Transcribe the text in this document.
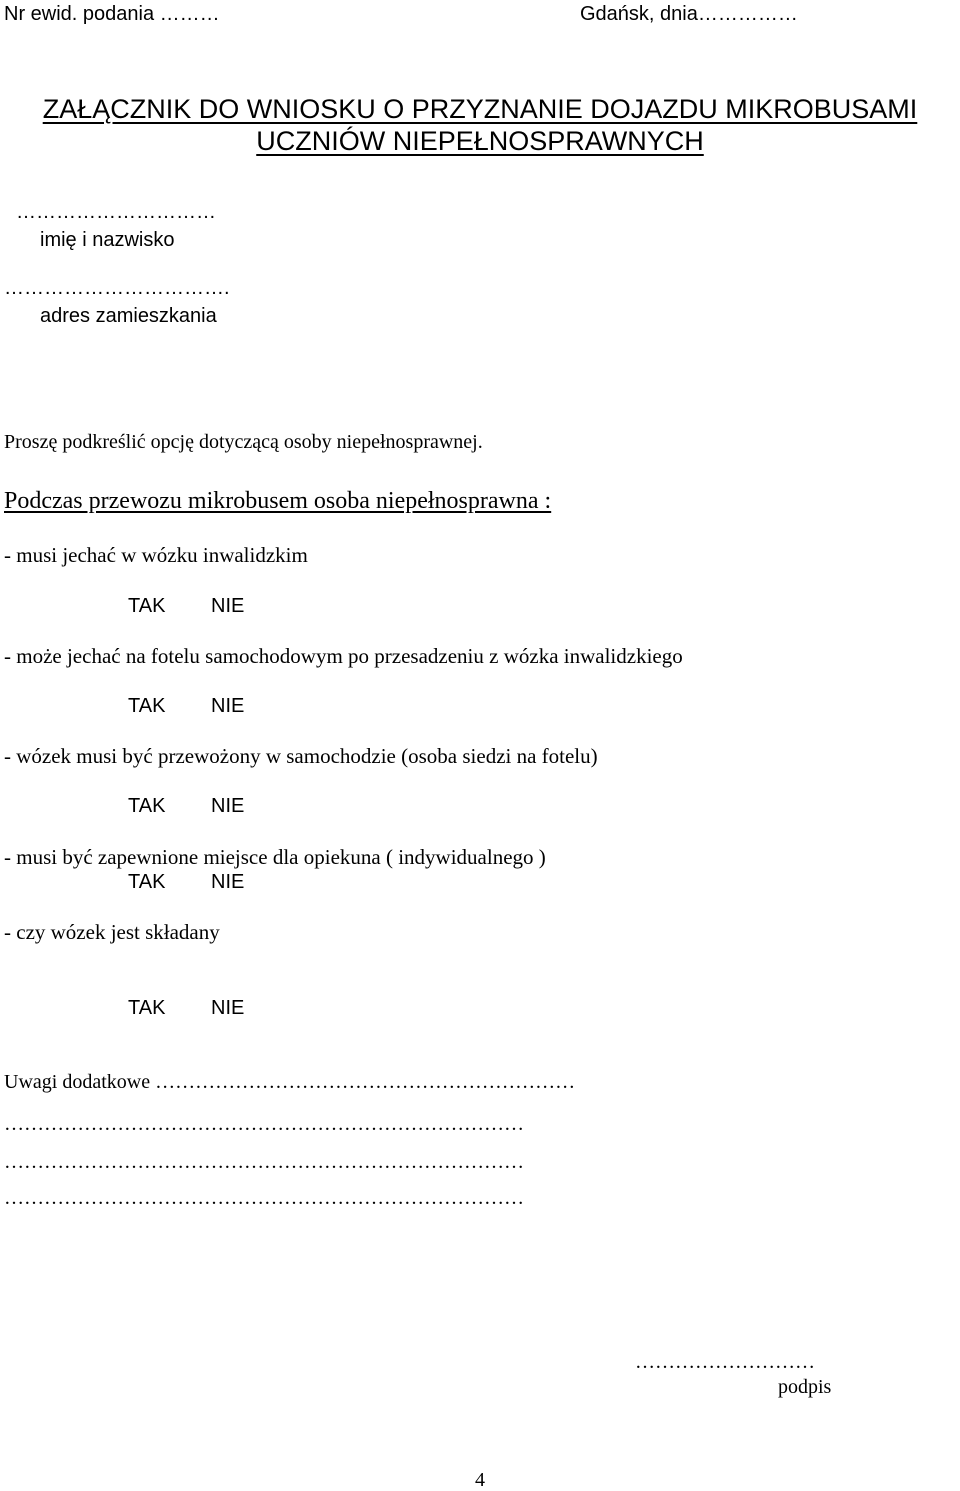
Nr ewid. podania ………	Gdańsk, dnia……………
ZAŁĄCZNIK DO WNIOSKU O PRZYZNANIE DOJAZDU MIKROBUSAMI
UCZNIÓW NIEPEŁNOSPRAWNYCH
…………………………
imię i nazwisko
…………………………….
adres zamieszkania
Proszę podkreślić opcję dotyczącą osoby niepełnosprawnej.
Podczas przewozu mikrobusem osoba niepełnosprawna :
- musi jechać w wózku inwalidzkim
TAK NIE
- może jechać na fotelu samochodowym po przesadzeniu z wózka inwalidzkiego
TAK NIE
- wózek musi być przewożony w samochodzie (osoba siedzi na fotelu)
TAK NIE
- musi być zapewnione miejsce dla opiekuna ( indywidualnego )
TAK NIE
- czy wózek jest składany
TAK NIE
Uwagi dodatkowe ………………………………………………………
……………………………………………………………………
……………………………………………………………………
……………………………………………………………………
………………………
podpis
4
